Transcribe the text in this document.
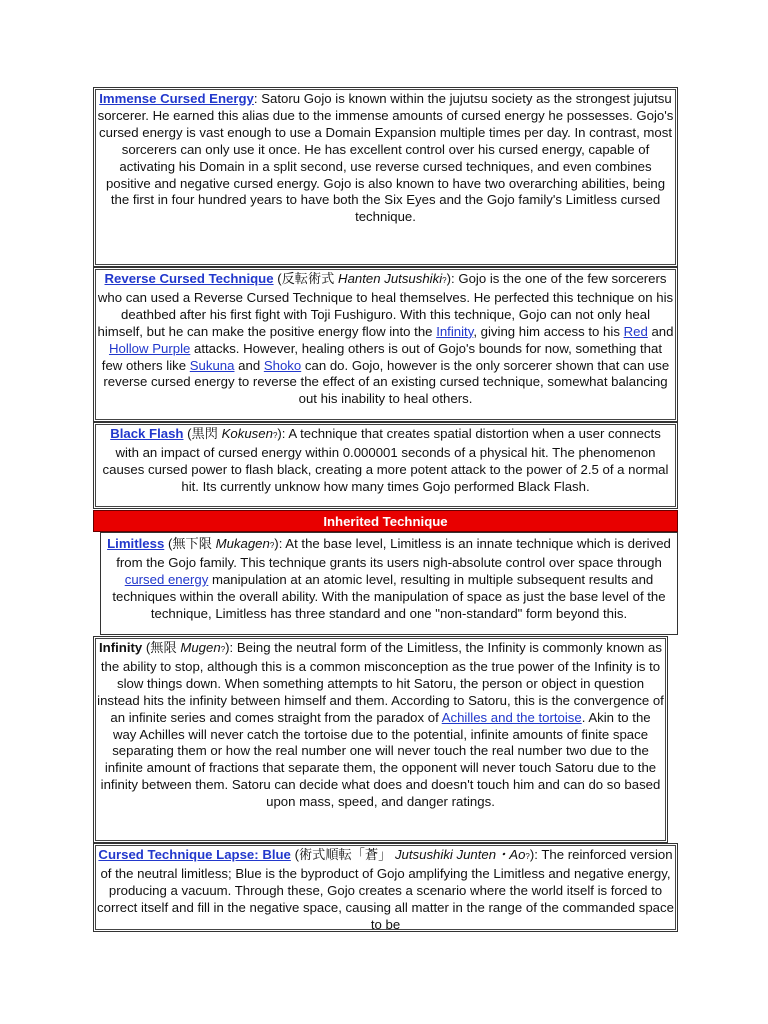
Immense Cursed Energy: Satoru Gojo is known within the jujutsu society as the strongest jujutsu sorcerer. He earned this alias due to the immense amounts of cursed energy he possesses. Gojo's cursed energy is vast enough to use a Domain Expansion multiple times per day. In contrast, most sorcerers can only use it once. He has excellent control over his cursed energy, capable of activating his Domain in a split second, use reverse cursed techniques, and even combines positive and negative cursed energy. Gojo is also known to have two overarching abilities, being the first in four hundred years to have both the Six Eyes and the Gojo family's Limitless cursed technique.
Reverse Cursed Technique (反転術式 Hanten Jutsushiki?): Gojo is the one of the few sorcerers who can used a Reverse Cursed Technique to heal themselves. He perfected this technique on his deathbed after his first fight with Toji Fushiguro. With this technique, Gojo can not only heal himself, but he can make the positive energy flow into the Infinity, giving him access to his Red and Hollow Purple attacks. However, healing others is out of Gojo's bounds for now, something that few others like Sukuna and Shoko can do. Gojo, however is the only sorcerer shown that can use reverse cursed energy to reverse the effect of an existing cursed technique, somewhat balancing out his inability to heal others.
Black Flash (黒閃 Kokusen?): A technique that creates spatial distortion when a user connects with an impact of cursed energy within 0.000001 seconds of a physical hit. The phenomenon causes cursed power to flash black, creating a more potent attack to the power of 2.5 of a normal hit. Its currently unknow how many times Gojo performed Black Flash.
Inherited Technique
Limitless (無下限 Mukagen?): At the base level, Limitless is an innate technique which is derived from the Gojo family. This technique grants its users nigh-absolute control over space through cursed energy manipulation at an atomic level, resulting in multiple subsequent results and techniques within the overall ability. With the manipulation of space as just the base level of the technique, Limitless has three standard and one "non-standard" form beyond this.
Infinity (無限 Mugen?): Being the neutral form of the Limitless, the Infinity is commonly known as the ability to stop, although this is a common misconception as the true power of the Infinity is to slow things down. When something attempts to hit Satoru, the person or object in question instead hits the infinity between himself and them. According to Satoru, this is the convergence of an infinite series and comes straight from the paradox of Achilles and the tortoise. Akin to the way Achilles will never catch the tortoise due to the potential, infinite amounts of finite space separating them or how the real number one will never touch the real number two due to the infinite amount of fractions that separate them, the opponent will never touch Satoru due to the infinity between them. Satoru can decide what does and doesn't touch him and can do so based upon mass, speed, and danger ratings.
Cursed Technique Lapse: Blue (術式順転「蒼」 Jutsushiki Junten・Ao?): The reinforced version of the neutral limitless; Blue is the byproduct of Gojo amplifying the Limitless and negative energy, producing a vacuum. Through these, Gojo creates a scenario where the world itself is forced to correct itself and fill in the negative space, causing all matter in the range of the commanded space to be
